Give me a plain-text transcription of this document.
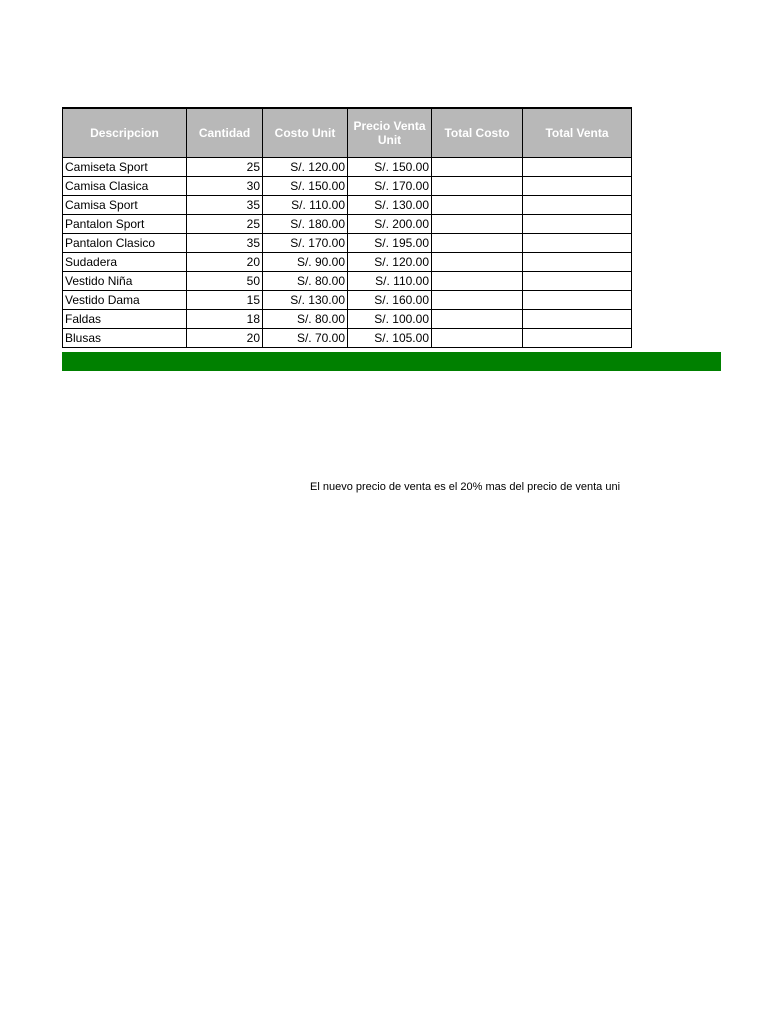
Descripcion	Cantidad	Costo Unit	Precio Venta Unit	Total Costo	Total Venta
Camiseta Sport	25	S/. 120.00	S/. 150.00		
Camisa Clasica	30	S/. 150.00	S/. 170.00		
Camisa Sport	35	S/. 110.00	S/. 130.00		
Pantalon Sport	25	S/. 180.00	S/. 200.00		
Pantalon Clasico	35	S/. 170.00	S/. 195.00		
Sudadera	20	S/. 90.00	S/. 120.00		
Vestido Niña	50	S/. 80.00	S/. 110.00		
Vestido Dama	15	S/. 130.00	S/. 160.00		
Faldas	18	S/. 80.00	S/. 100.00		
Blusas	20	S/. 70.00	S/. 105.00		
El nuevo precio de venta es el 20% mas del precio de venta uni
